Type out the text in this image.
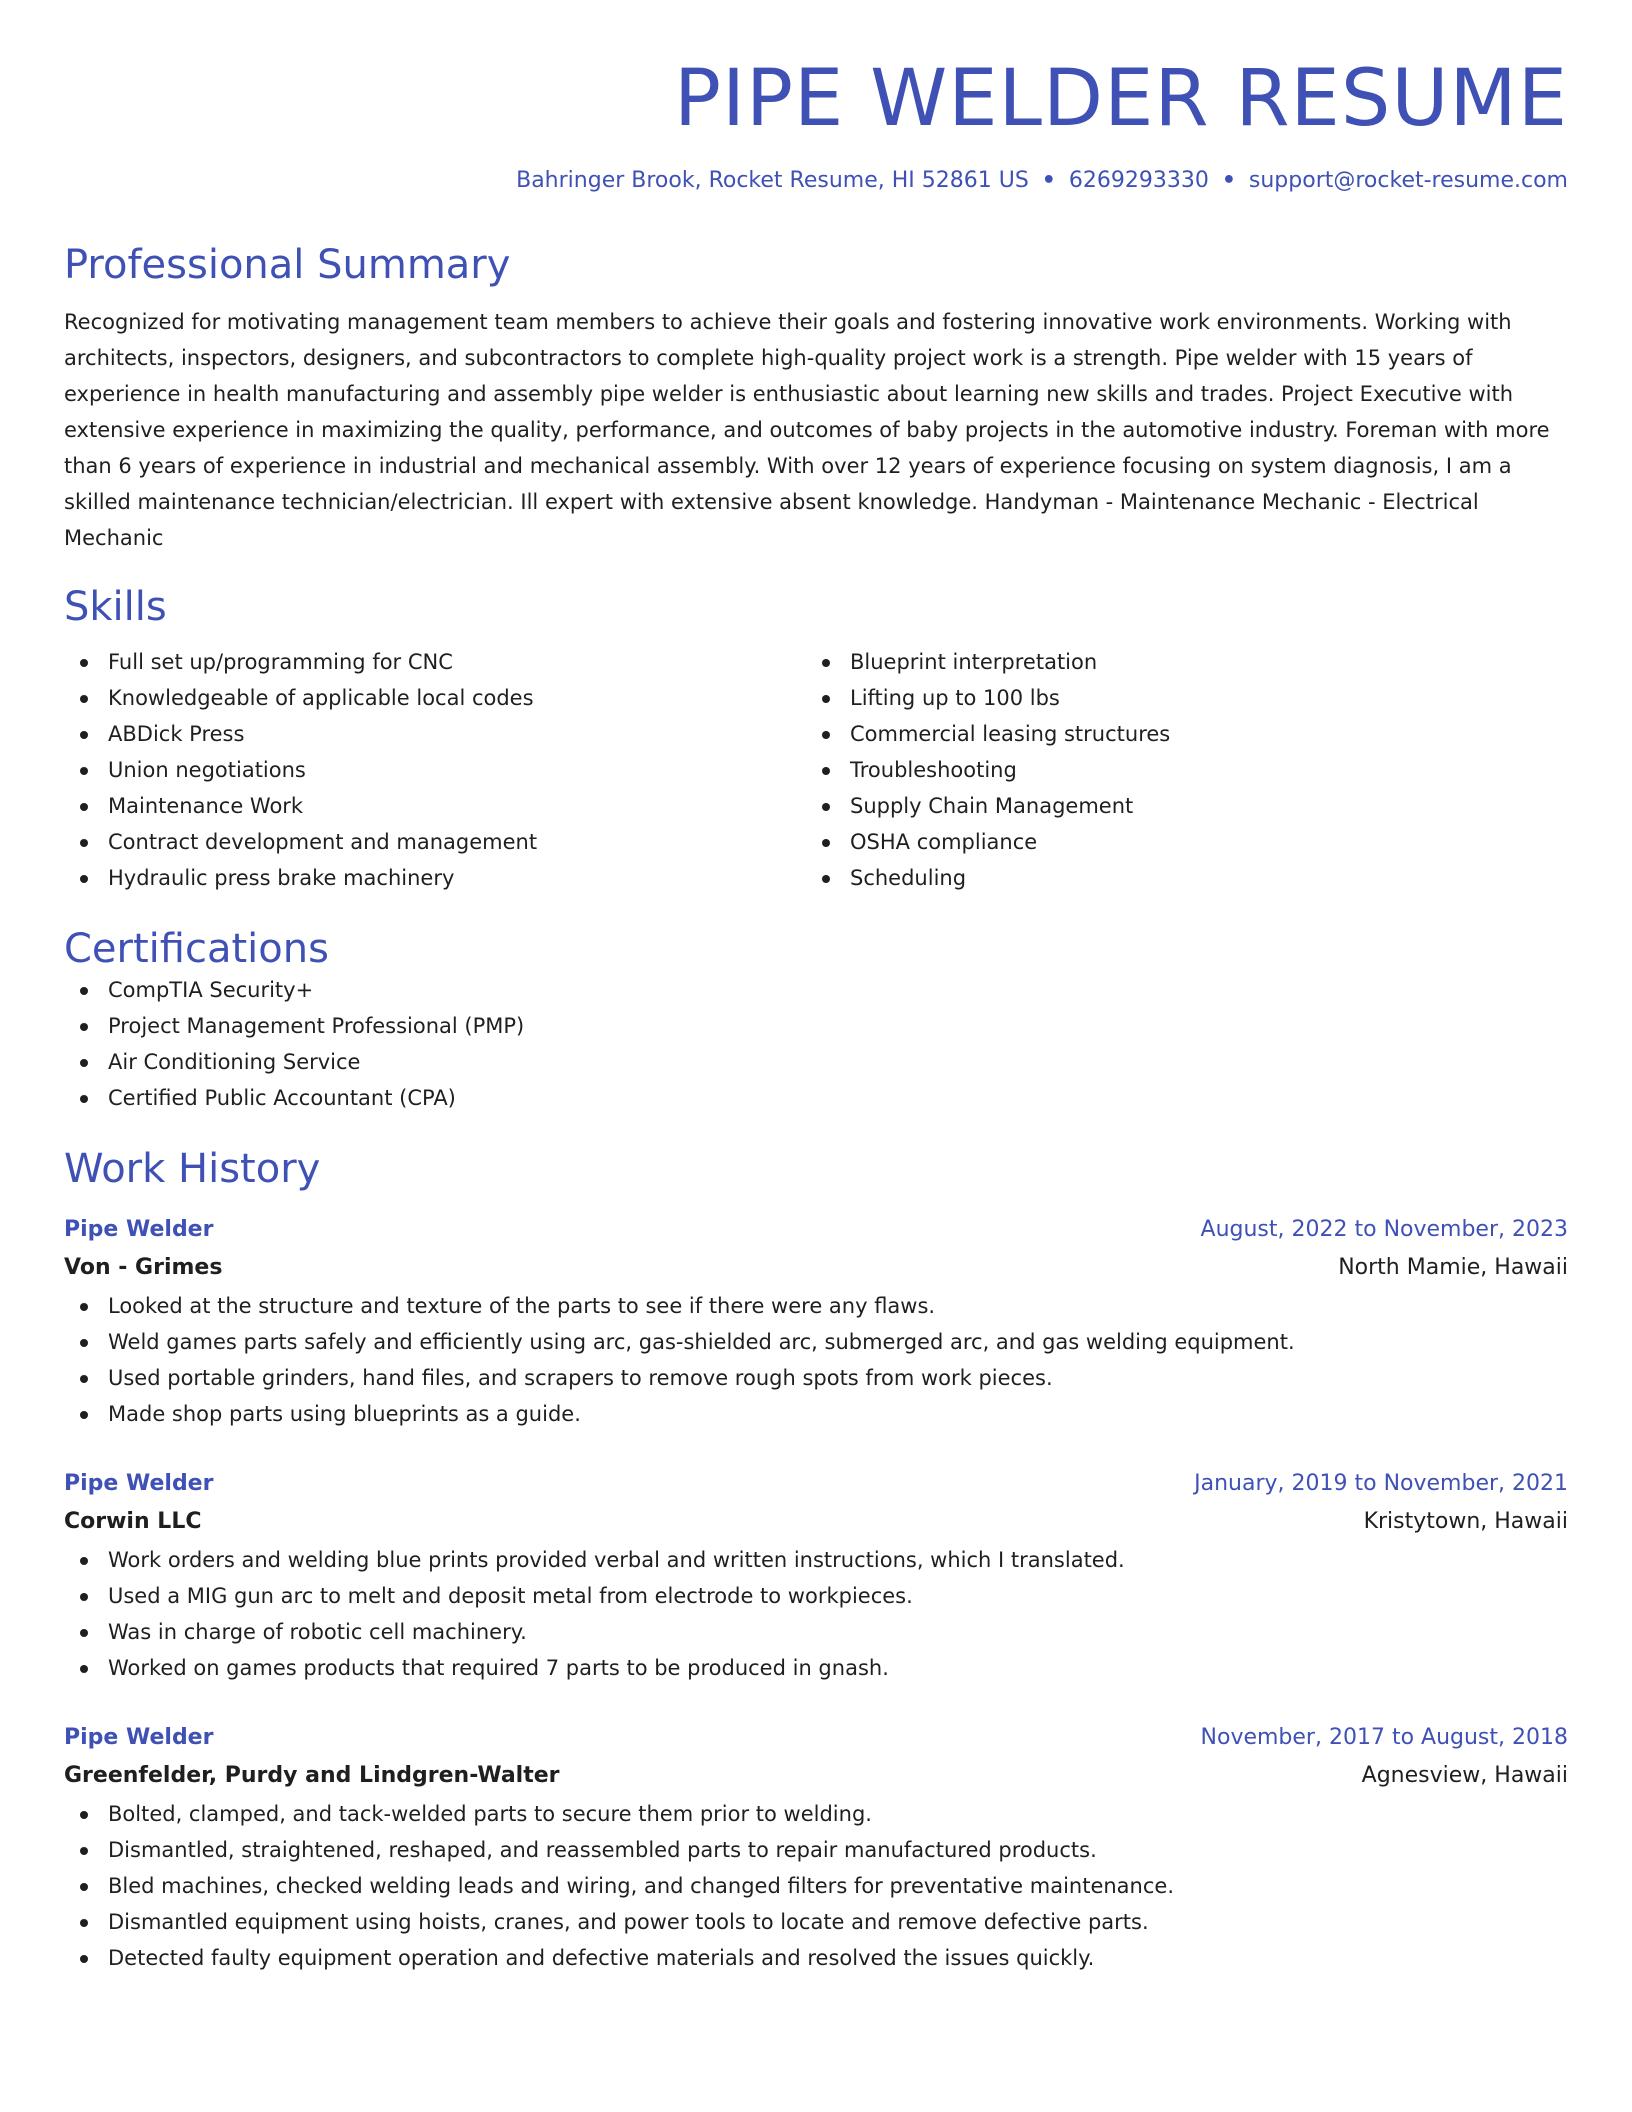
PIPE WELDER RESUME
Bahringer Brook, Rocket Resume, HI 52861 US • 6269293330 • support@rocket-resume.com
Professional Summary
Recognized for motivating management team members to achieve their goals and fostering innovative work environments. Working with architects, inspectors, designers, and subcontractors to complete high-quality project work is a strength. Pipe welder with 15 years of experience in health manufacturing and assembly pipe welder is enthusiastic about learning new skills and trades. Project Executive with extensive experience in maximizing the quality, performance, and outcomes of baby projects in the automotive industry. Foreman with more than 6 years of experience in industrial and mechanical assembly. With over 12 years of experience focusing on system diagnosis, I am a skilled maintenance technician/electrician. Ill expert with extensive absent knowledge. Handyman - Maintenance Mechanic - Electrical Mechanic
Skills
Full set up/programming for CNC
Knowledgeable of applicable local codes
ABDick Press
Union negotiations
Maintenance Work
Contract development and management
Hydraulic press brake machinery
Blueprint interpretation
Lifting up to 100 lbs
Commercial leasing structures
Troubleshooting
Supply Chain Management
OSHA compliance
Scheduling
Certifications
CompTIA Security+
Project Management Professional (PMP)
Air Conditioning Service
Certified Public Accountant (CPA)
Work History
Pipe Welder	August, 2022 to November, 2023
Von - Grimes	North Mamie, Hawaii
Looked at the structure and texture of the parts to see if there were any flaws.
Weld games parts safely and efficiently using arc, gas-shielded arc, submerged arc, and gas welding equipment.
Used portable grinders, hand files, and scrapers to remove rough spots from work pieces.
Made shop parts using blueprints as a guide.
Pipe Welder	January, 2019 to November, 2021
Corwin LLC	Kristytown, Hawaii
Work orders and welding blue prints provided verbal and written instructions, which I translated.
Used a MIG gun arc to melt and deposit metal from electrode to workpieces.
Was in charge of robotic cell machinery.
Worked on games products that required 7 parts to be produced in gnash.
Pipe Welder	November, 2017 to August, 2018
Greenfelder, Purdy and Lindgren-Walter	Agnesview, Hawaii
Bolted, clamped, and tack-welded parts to secure them prior to welding.
Dismantled, straightened, reshaped, and reassembled parts to repair manufactured products.
Bled machines, checked welding leads and wiring, and changed filters for preventative maintenance.
Dismantled equipment using hoists, cranes, and power tools to locate and remove defective parts.
Detected faulty equipment operation and defective materials and resolved the issues quickly.
